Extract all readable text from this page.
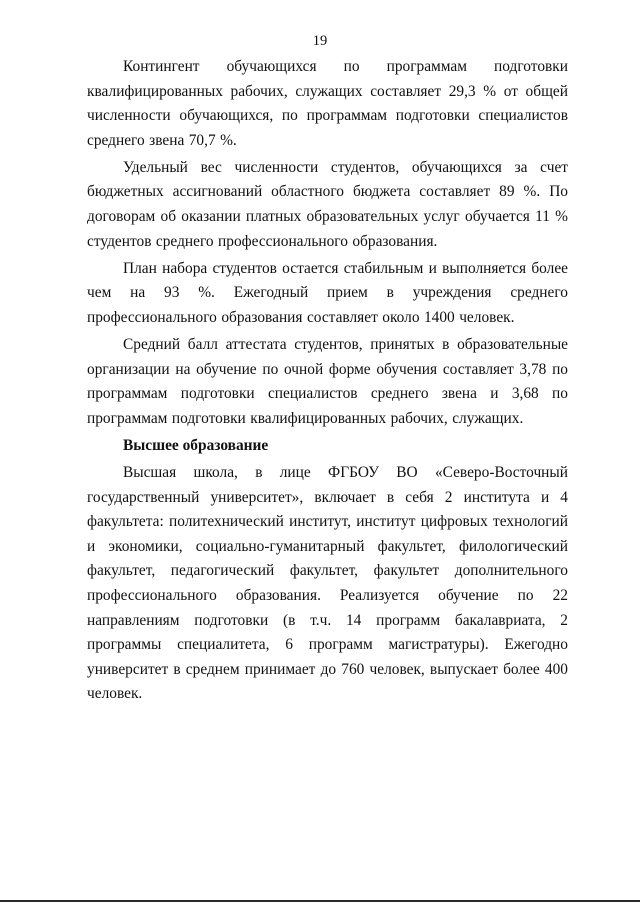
19

Контингент обучающихся по программам подготовки квалифицированных рабочих, служащих составляет 29,3 % от общей численности обучающихся, по программам подготовки специалистов среднего звена 70,7 %.

Удельный вес численности студентов, обучающихся за счет бюджетных ассигнований областного бюджета составляет 89 %. По договорам об оказании платных образовательных услуг обучается 11 % студентов среднего профессионального образования.

План набора студентов остается стабильным и выполняется более чем на 93 %. Ежегодный прием в учреждения среднего профессионального образования составляет около 1400 человек.

Средний балл аттестата студентов, принятых в образовательные организации на обучение по очной форме обучения составляет 3,78 по программам подготовки специалистов среднего звена и 3,68 по программам подготовки квалифицированных рабочих, служащих.

Высшее образование

Высшая школа, в лице ФГБОУ ВО «Северо-Восточный государственный университет», включает в себя 2 института и 4 факультета: политехнический институт, институт цифровых технологий и экономики, социально-гуманитарный факультет, филологический факультет, педагогический факультет, факультет дополнительного профессионального образования. Реализуется обучение по 22 направлениям подготовки (в т.ч. 14 программ бакалавриата, 2 программы специалитета, 6 программ магистратуры). Ежегодно университет в среднем принимает до 760 человек, выпускает более 400 человек.
